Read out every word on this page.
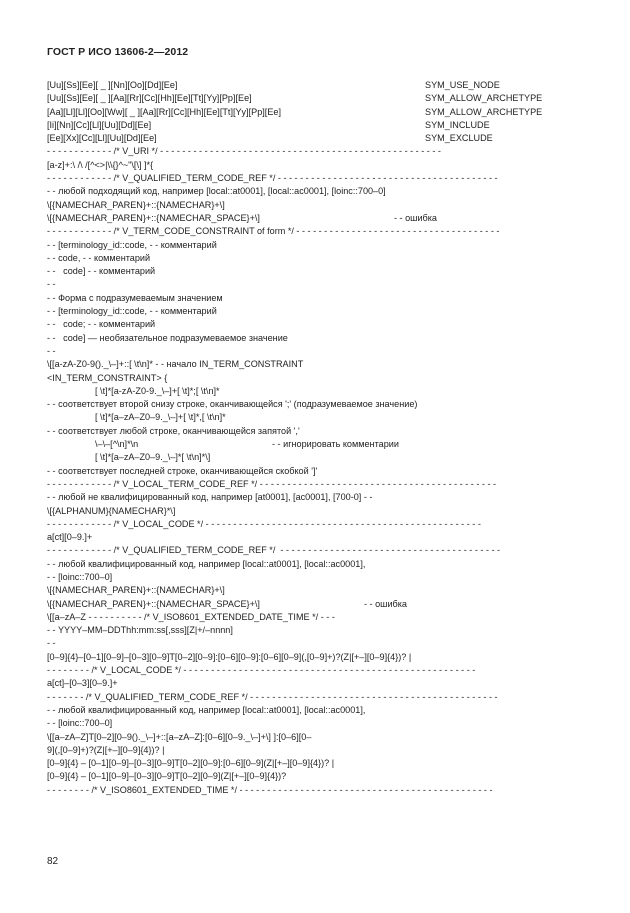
ГОСТ Р ИСО 13606-2—2012
[Uu][Ss][Ee][ _ ][Nn][Oo][Dd][Ee]	SYM_USE_NODE
[Uu][Ss][Ee][ _ ][Aa][Rr][Cc][Hh][Ee][Tt][Yy][Pp][Ee]	SYM_ALLOW_ARCHETYPE
[Aa][Ll][Ll][Oo][Ww][ _ ][Aa][Rr][Cc][Hh][Ee][Tt][Yy][Pp][Ee]	SYM_ALLOW_ARCHETYPE
[Ii][Nn][Cc][Ll][Uu][Dd][Ee]	SYM_INCLUDE
[Ee][Xx][Cc][Ll][Uu][Dd][Ee]	SYM_EXCLUDE
- - - - - - - - - - - - /* V_URI */ - - - - - - - - - - - - - - - - - - - - - - - - - - - - - - - - - - - - - - - - - - - - - - - - - - -
[a-z]+:\ /\ /[^<>|\\{}^~"\[\] ]*{
- - - - - - - - - - - - /* V_QUALIFIED_TERM_CODE_REF */ - - - - - - - - - - - - - - - - - - - - - - - - - - - - - - - - - - - - - - - -
- - любой подходящий код, например [local::at0001], [local::ac0001], [loinc::700–0]
\[{NAMECHAR_PAREN}+::{NAMECHAR}+\]
\[{NAMECHAR_PAREN}+::{NAMECHAR_SPACE}+\]	- - ошибка
- - - - - - - - - - - - /* V_TERM_CODE_CONSTRAINT of form */ - - - - - - - - - - - - - - - - - - - - - - - - - - - - - - - - - - - - -
- - [terminology_id::code, - - комментарий
- - code, - - комментарий
- -   code] - - комментарий
- -
- - Форма с подразумеваемым значением
- - [terminology_id::code, - - комментарий
- -   code; - - комментарий
- -   code] — необязательное подразумеваемое значение
- -
\[[a-zA-Z0-9()._\–]+::[ \t\n]* - - начало IN_TERM_CONSTRAINT
<IN_TERM_CONSTRAINT> {
[ \t]*[a-zA-Z0-9._\–]+[ \t]*;[ \t\n]*
- - соответствует второй снизу строке, оканчивающейся ';' (подразумеваемое значение)
[ \t]*[a–zA–Z0–9._\–]+[ \t]*,[ \t\n]*
- - соответствует любой строке, оканчивающейся запятой ','
\–\–[^\n]*\n	- - игнорировать комментарии
[ \t]*[a–zA–Z0–9._\–]*[ \t\n]*\]
- - соответствует последней строке, оканчивающейся скобкой ']'
- - - - - - - - - - - - /* V_LOCAL_TERM_CODE_REF */ - - - - - - - - - - - - - - - - - - - - - - - - - - - - - - - - - - - - - - - - - - -
- - любой не квалифицированный код, например [at0001], [ac0001], [700-0] - -
\[{ALPHANUM}{NAMECHAR}*\]
- - - - - - - - - - - - /* V_LOCAL_CODE */ - - - - - - - - - - - - - - - - - - - - - - - - - - - - - - - - - - - - - - - - - - - - - - - - - -
a[ct][0–9.]+
- - - - - - - - - - - - /* V_QUALIFIED_TERM_CODE_REF */  - - - - - - - - - - - - - - - - - - - - - - - - - - - - - - - - - - - - - - - -
- - любой квалифицированный код, например [local::at0001], [local::ac0001],
- - [loinc::700–0]
\[{NAMECHAR_PAREN}+::{NAMECHAR}+\]
\[{NAMECHAR_PAREN}+::{NAMECHAR_SPACE}+\]	- - ошибка
\[[a–zA–Z - - - - - - - - - - /* V_ISO8601_EXTENDED_DATE_TIME */ - - -
- - YYYY–MM–DDThh:mm:ss[,sss][Z|+/–nnnn]
- -
[0–9]{4}–[0–1][0–9]–[0–3][0–9]T[0–2][0–9]:[0–6][0–9]:[0–6][0–9](,[0–9]+)?(Z|[+–][0–9]{4})? |
- - - - - - - - /* V_LOCAL_CODE */ - - - - - - - - - - - - - - - - - - - - - - - - - - - - - - - - - - - - - - - - - - - - - - - - - - - - -
a[ct]–[0–3][0–9.]+
- - - - - - - /* V_QUALIFIED_TERM_CODE_REF */ - - - - - - - - - - - - - - - - - - - - - - - - - - - - - - - - - - - - - - - - - - - - -
- - любой квалифицированный код, например [local::at0001], [local::ac0001],
- - [loinc::700–0]
\[[a–zA–Z]T[0–2][0–9()._\–]+::[a–zA–Z]:[0–6][0–9._\–]+\] ]:[0–6][0–
9](,[0–9]+)?(Z|[+–][0–9]{4})? |
[0–9]{4} – [0–1][0–9]–[0–3][0–9]T[0–2][0–9]:[0–6][0–9](Z|[+–][0–9]{4})? |
[0–9]{4} – [0–1][0–9]–[0–3][0–9]T[0–2][0–9](Z|[+–][0–9]{4})?
- - - - - - - - /* V_ISO8601_EXTENDED_TIME */ - - - - - - - - - - - - - - - - - - - - - - - - - - - - - - - - - - - - - - - - - - - - - -
82
